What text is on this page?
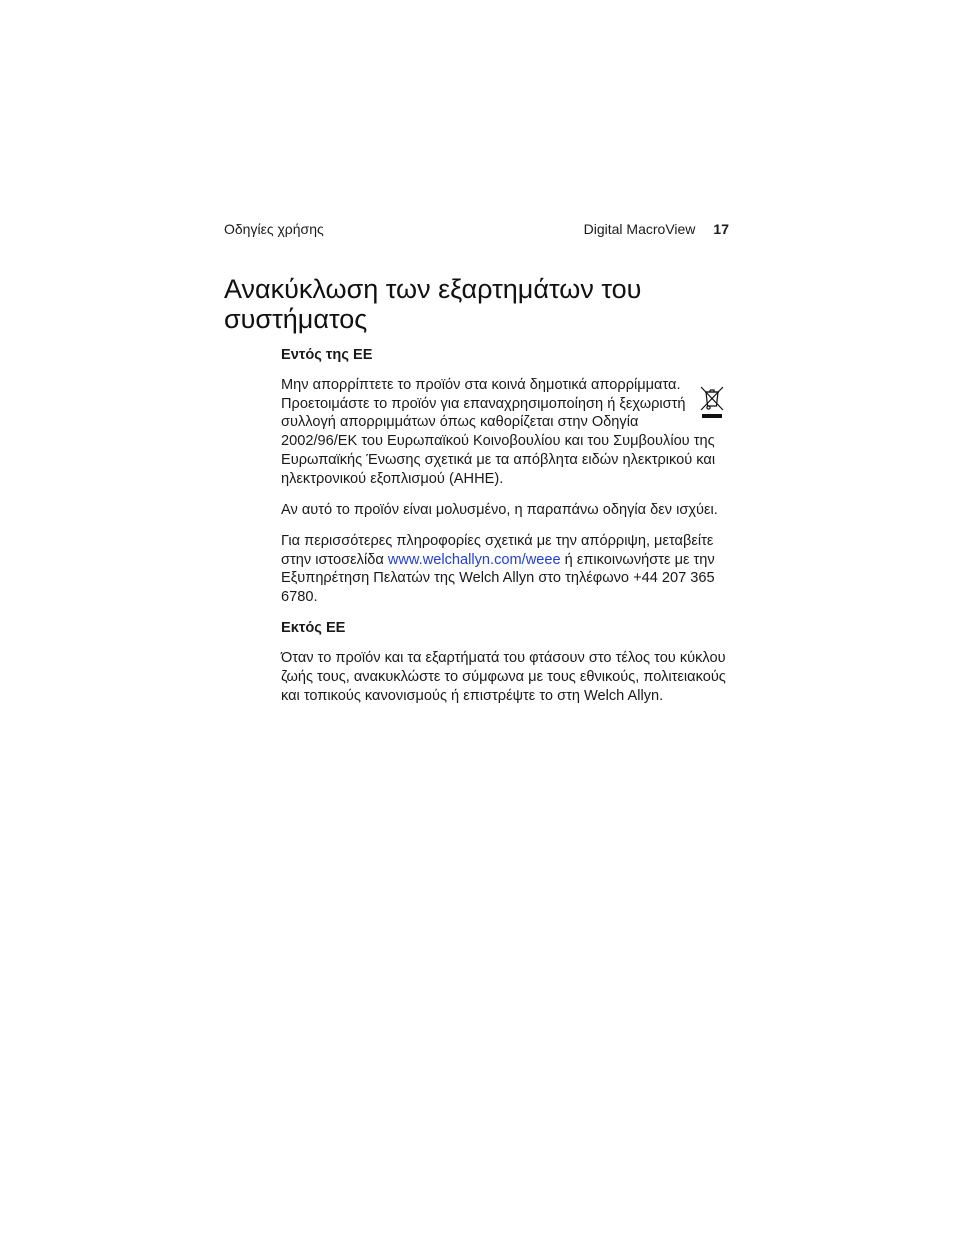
Οδηγίες χρήσης	Digital MacroView 17
Ανακύκλωση των εξαρτημάτων του συστήματος
Εντός της ΕΕ

Μην απορρίπτετε το προϊόν στα κοινά δημοτικά απορρίμματα. Προετοιμάστε το προϊόν για επαναχρησιμοποίηση ή ξεχωριστή συλλογή απορριμμάτων όπως καθορίζεται στην Οδηγία 2002/96/ΕΚ του Ευρωπαϊκού Κοινοβουλίου και του Συμβουλίου της Ευρωπαϊκής Ένωσης σχετικά με τα απόβλητα ειδών ηλεκτρικού και ηλεκτρονικού εξοπλισμού (ΑΗΗΕ).

Αν αυτό το προϊόν είναι μολυσμένο, η παραπάνω οδηγία δεν ισχύει.

Για περισσότερες πληροφορίες σχετικά με την απόρριψη, μεταβείτε στην ιστοσελίδα www.welchallyn.com/weee ή επικοινωνήστε με την Εξυπηρέτηση Πελατών της Welch Allyn στο τηλέφωνο +44 207 365 6780.

Εκτός ΕΕ

Όταν το προϊόν και τα εξαρτήματά του φτάσουν στο τέλος του κύκλου ζωής τους, ανακυκλώστε το σύμφωνα με τους εθνικούς, πολιτειακούς και τοπικούς κανονισμούς ή επιστρέψτε το στη Welch Allyn.
